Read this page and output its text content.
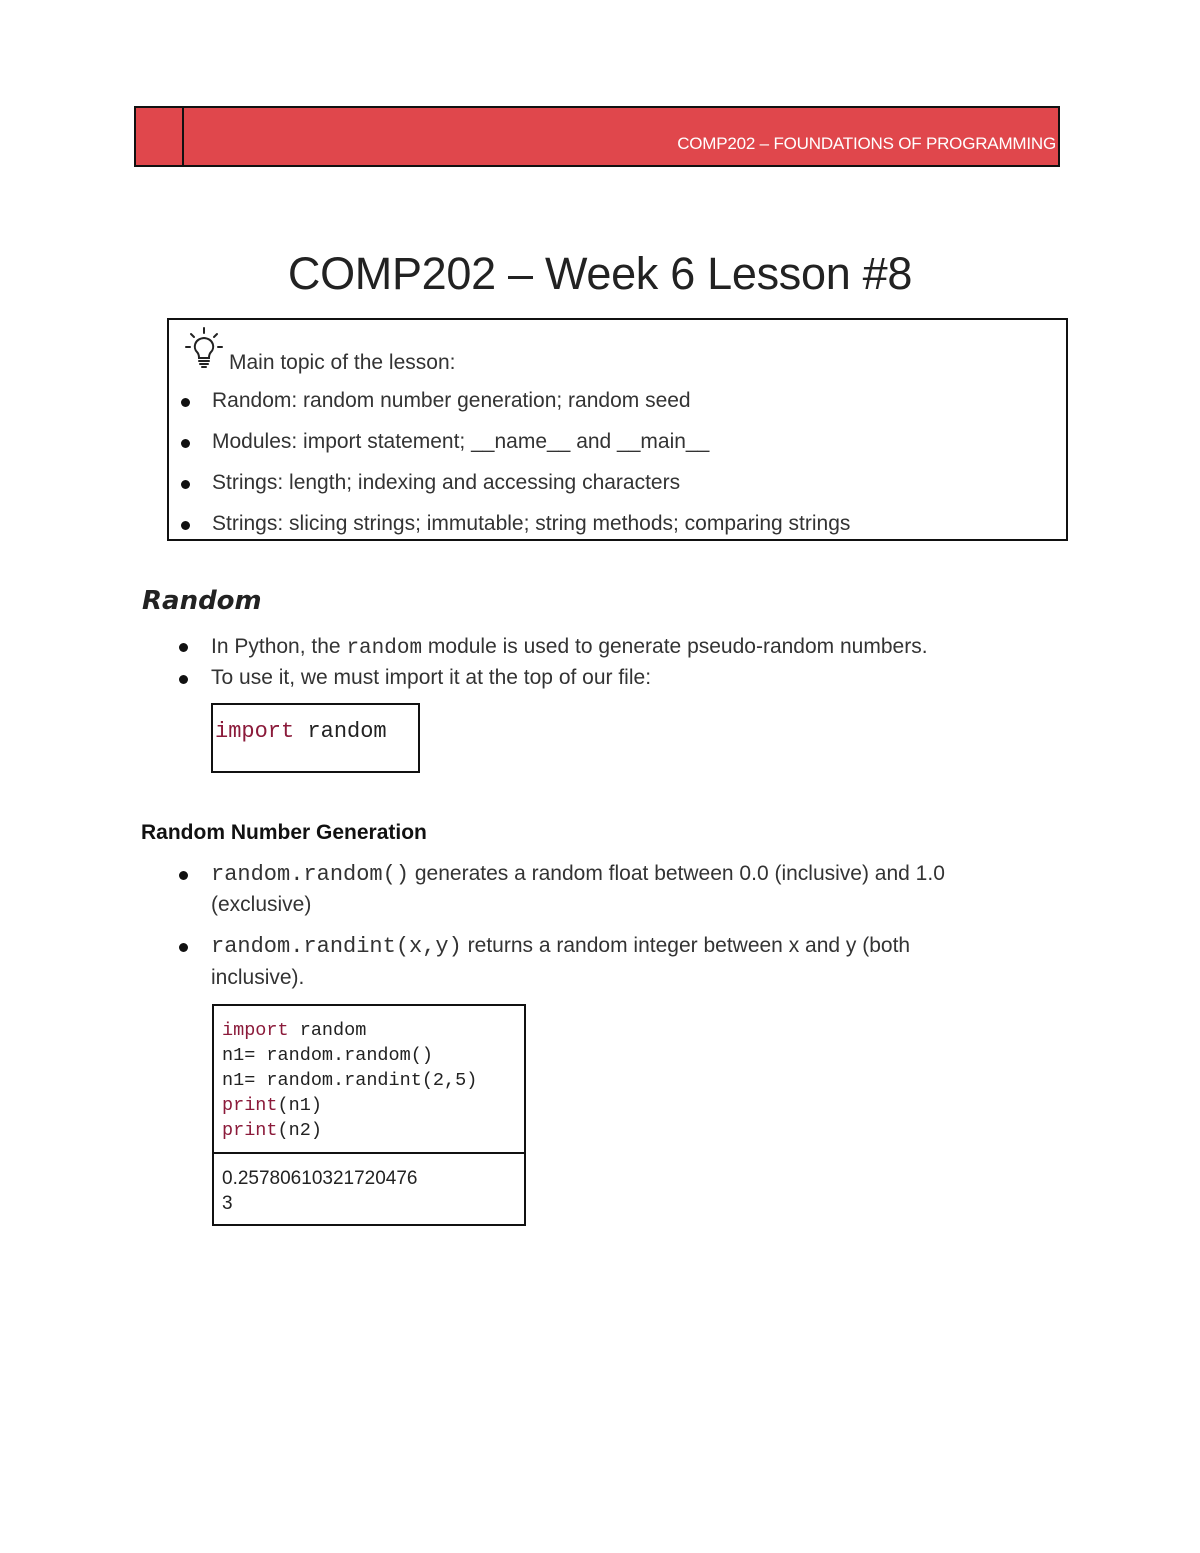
COMP202 – FOUNDATIONS OF PROGRAMMING
COMP202 – Week 6 Lesson #8
Main topic of the lesson:
Random: random number generation; random seed
Modules: import statement; __name__ and __main__
Strings: length; indexing and accessing characters
Strings: slicing strings; immutable; string methods; comparing strings
Random
In Python, the random module is used to generate pseudo-random numbers.
To use it, we must import it at the top of our file:
import random
Random Number Generation
random.random() generates a random float between 0.0 (inclusive) and 1.0
(exclusive)
random.randint(x,y) returns a random integer between x and y (both
inclusive).
import random
n1= random.random()
n1= random.randint(2,5)
print(n1)
print(n2)
0.25780610321720476
3
